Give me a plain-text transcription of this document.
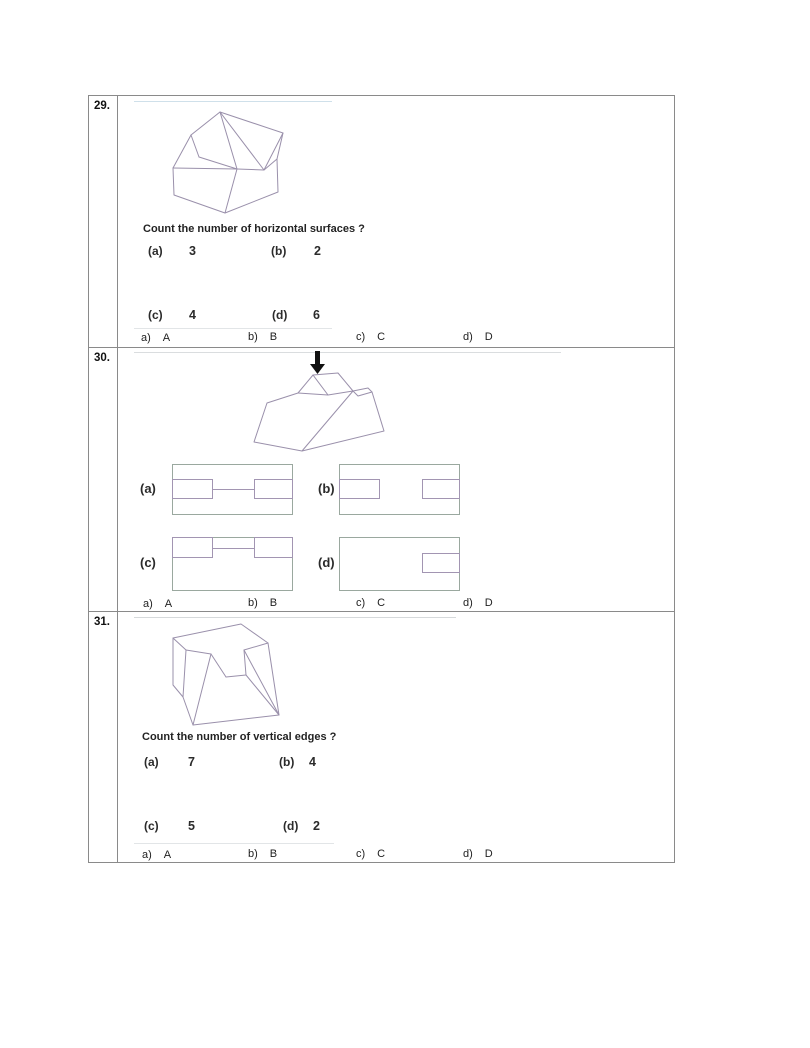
29.
Count the number of horizontal surfaces ?
(a) 3	(b) 2
(c) 4	(d) 6
a) A	b) B	c) C	d) D
30.
(a)	(b)
(c)	(d)
a) A	b) B	c) C	d) D
31.
Count the number of vertical edges ?
(a) 7	(b) 4
(c) 5	(d) 2
a) A	b) B	c) C	d) D
